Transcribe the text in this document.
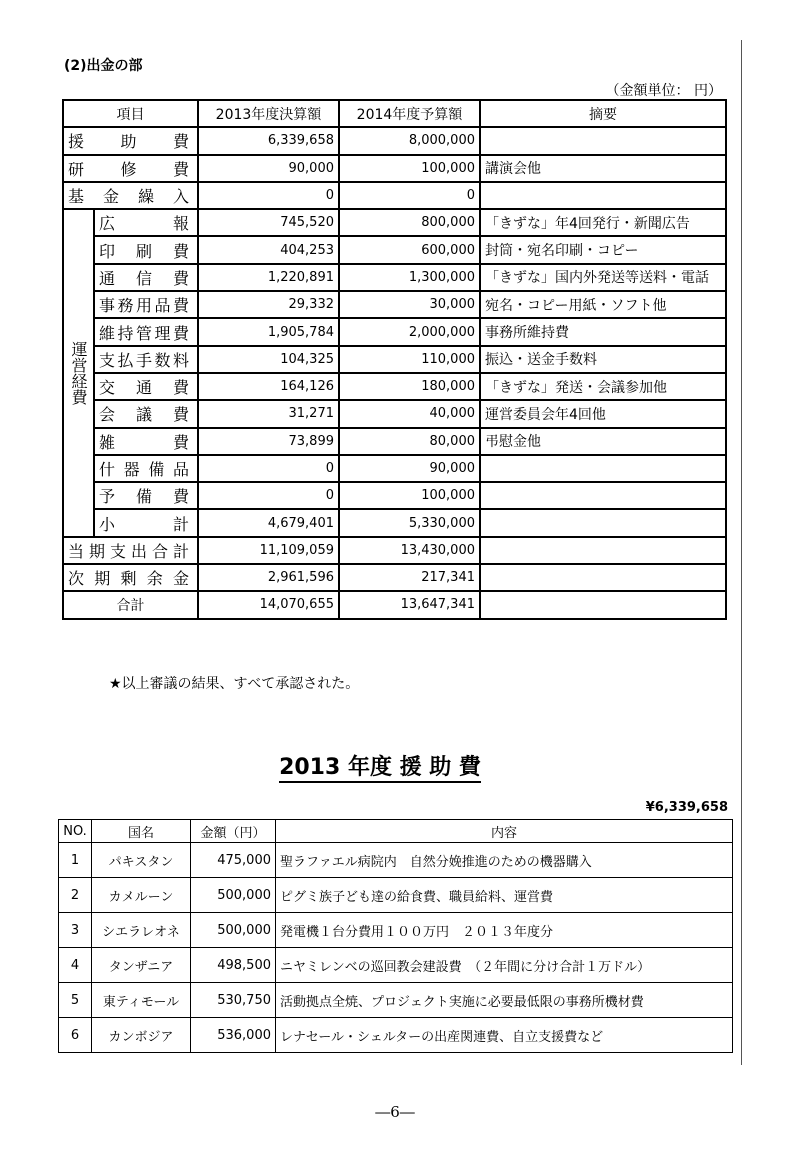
(2)出金の部
（金額単位： 円）
項目		2013年度決算額	2014年度予算額	摘要
援助費		6,339,658	8,000,000	
研修費		90,000	100,000	講演会他
基金繰入		0	0	

運営経費	広報	745,520	800,000	「きずな」年4回発行・新聞広告
	印刷費	404,253	600,000	封筒・宛名印刷・コピー
	通信費	1,220,891	1,300,000	「きずな」国内外発送等送料・電話
	事務用品費	29,332	30,000	宛名・コピー用紙・ソフト他
	維持管理費	1,905,784	2,000,000	事務所維持費
	支払手数料	104,325	110,000	振込・送金手数料
	交通費	164,126	180,000	「きずな」発送・会議参加他
	会議費	31,271	40,000	運営委員会年4回他
	雑費	73,899	80,000	弔慰金他
	什器備品	0	90,000	
	予備費	0	100,000	
	小計	4,679,401	5,330,000	
当期支出合計		11,109,059	13,430,000	
次期剰余金		2,961,596	217,341	
合計		14,070,655	13,647,341	
★以上審議の結果、すべて承認された。
2013 年度 援 助 費
¥6,339,658
NO.	国名	金額（円）	内容
1	パキスタン	475,000	聖ラファエル病院内　自然分娩推進のための機器購入
2	カメルーン	500,000	ピグミ族子ども達の給食費、職員給料、運営費
3	シエラレオネ	500,000	発電機１台分費用１００万円　２０１３年度分
4	タンザニア	498,500	ニヤミレンベの巡回教会建設費　（２年間に分け合計１万ドル）
5	東ティモール	530,750	活動拠点全焼、プロジェクト実施に必要最低限の事務所機材費
6	カンボジア	536,000	レナセール・シェルターの出産関連費、自立支援費など
―6―
